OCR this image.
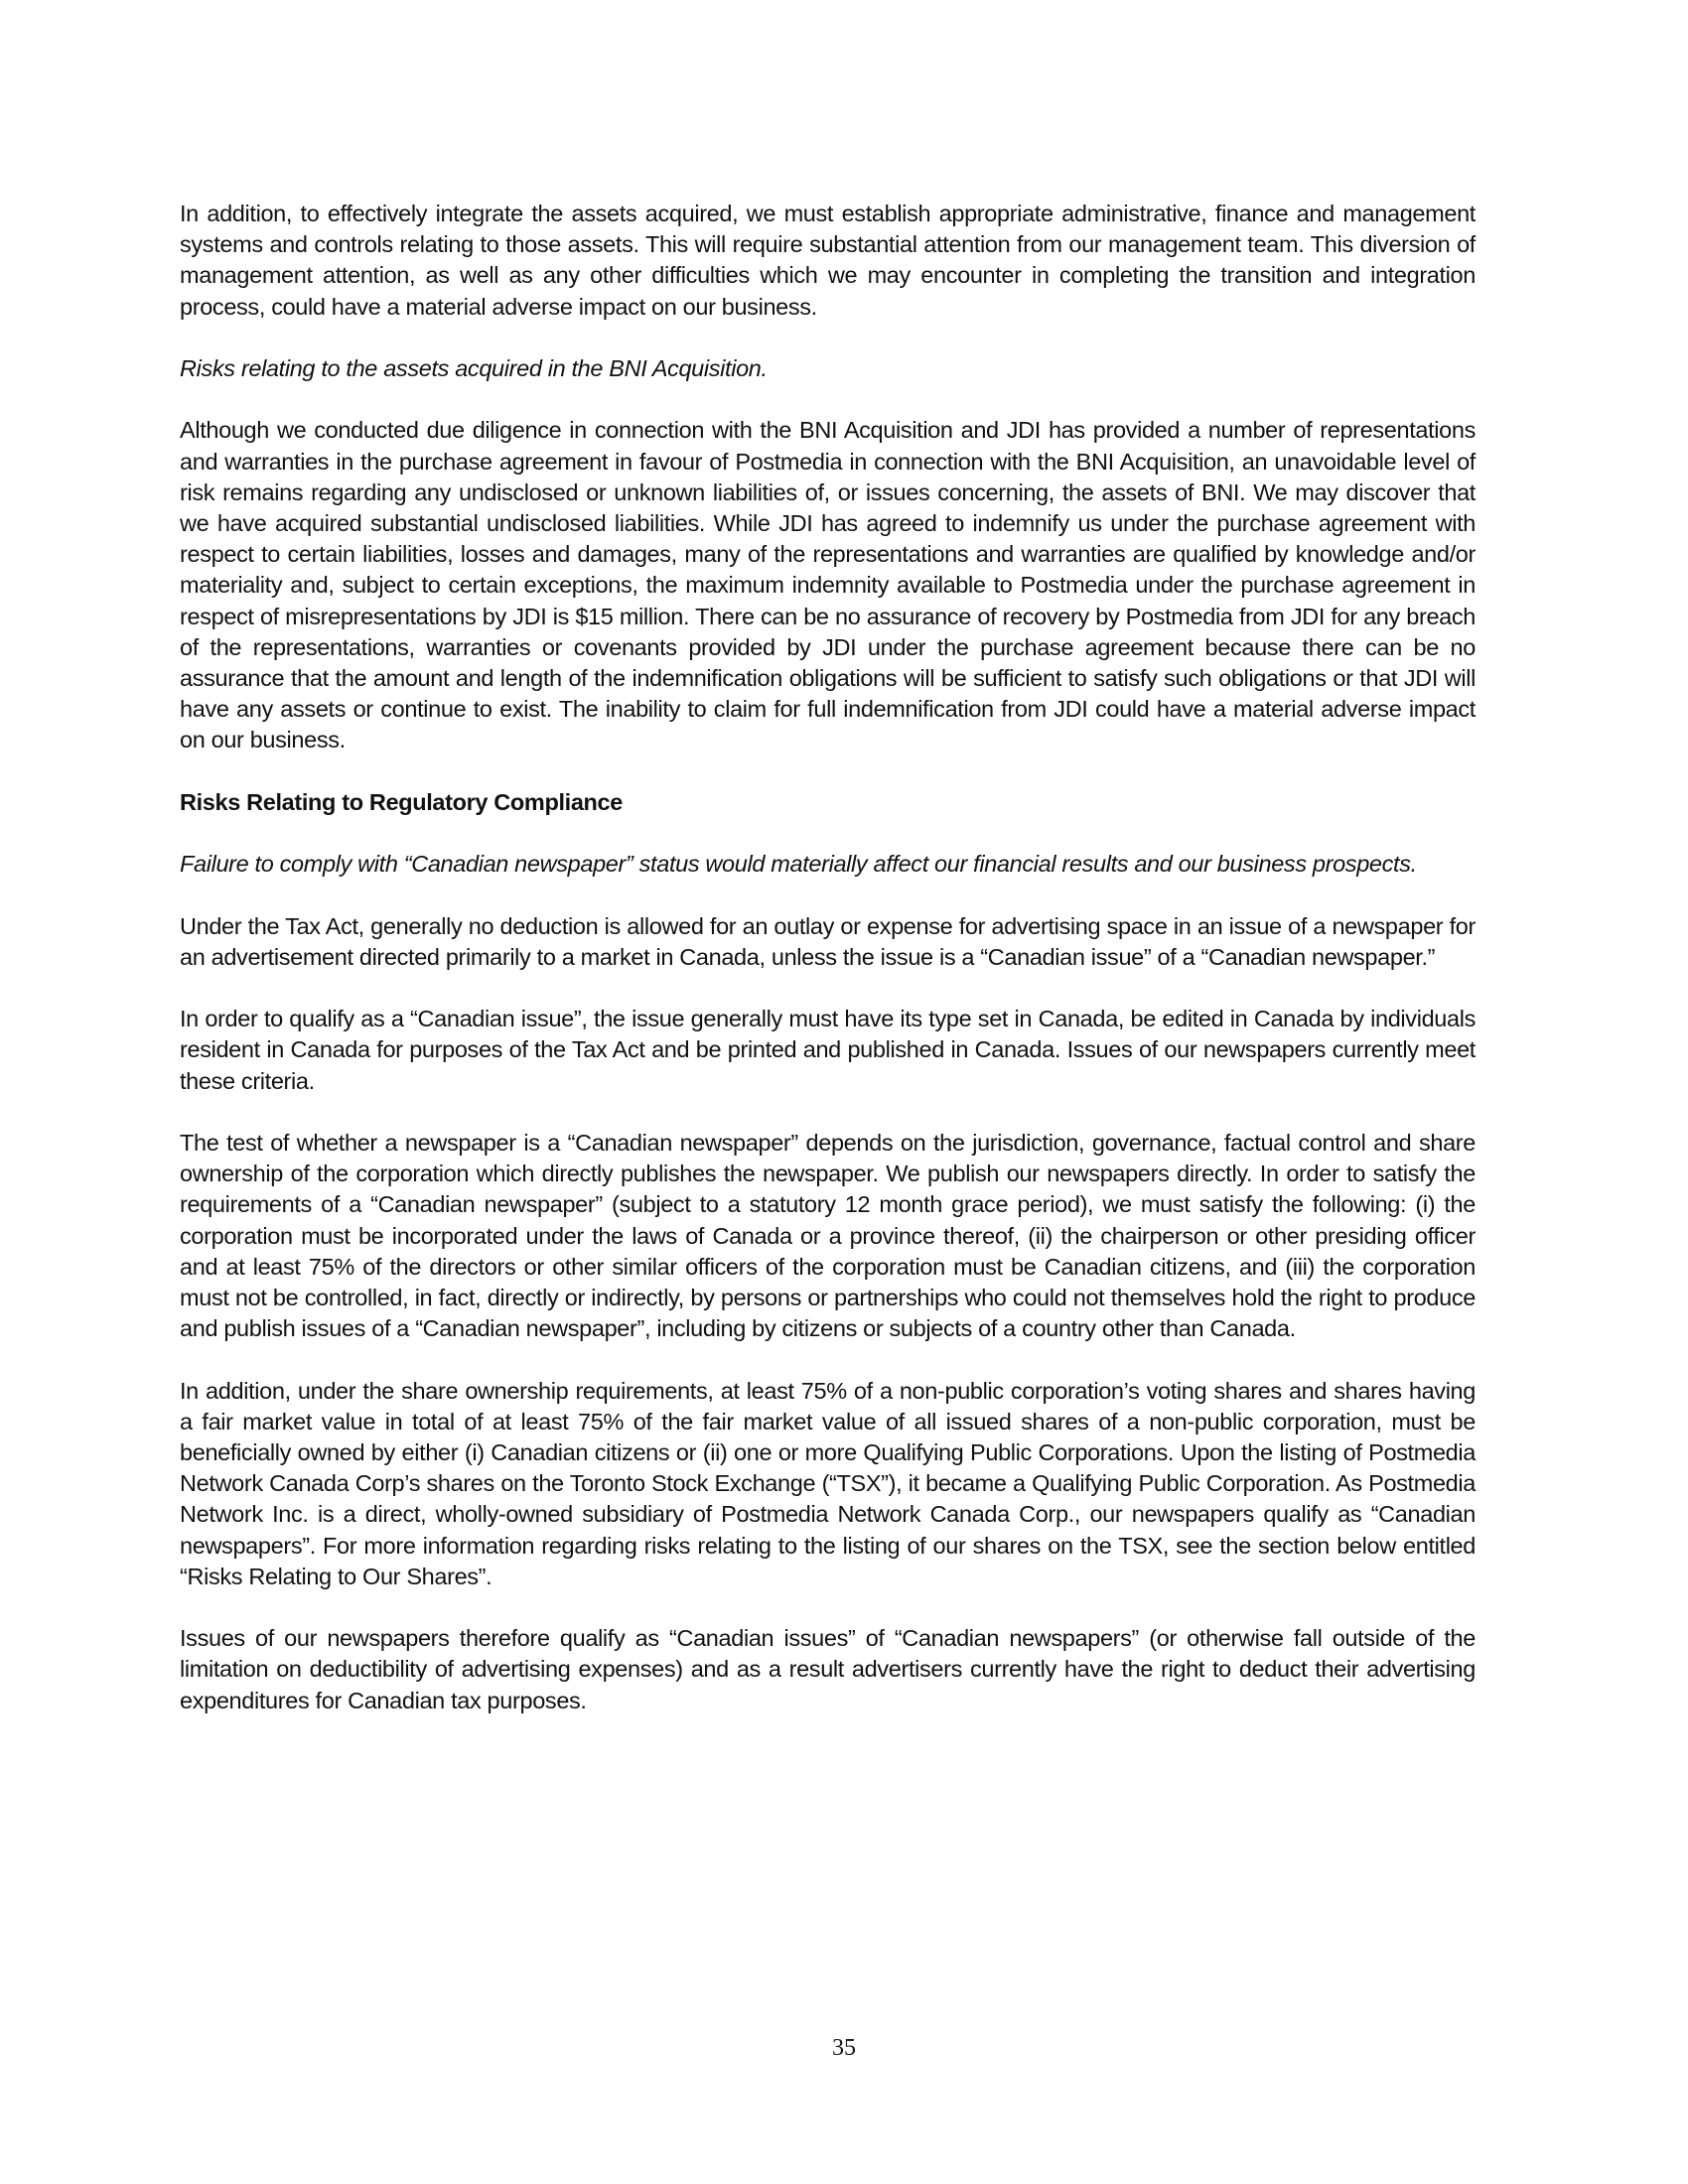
In addition, to effectively integrate the assets acquired, we must establish appropriate administrative, finance and management systems and controls relating to those assets. This will require substantial attention from our management team. This diversion of management attention, as well as any other difficulties which we may encounter in completing the transition and integration process, could have a material adverse impact on our business.

Risks relating to the assets acquired in the BNI Acquisition.

Although we conducted due diligence in connection with the BNI Acquisition and JDI has provided a number of representations and warranties in the purchase agreement in favour of Postmedia in connection with the BNI Acquisition, an unavoidable level of risk remains regarding any undisclosed or unknown liabilities of, or issues concerning, the assets of BNI. We may discover that we have acquired substantial undisclosed liabilities. While JDI has agreed to indemnify us under the purchase agreement with respect to certain liabilities, losses and damages, many of the representations and warranties are qualified by knowledge and/or materiality and, subject to certain exceptions, the maximum indemnity available to Postmedia under the purchase agreement in respect of misrepresentations by JDI is $15 million. There can be no assurance of recovery by Postmedia from JDI for any breach of the representations, warranties or covenants provided by JDI under the purchase agreement because there can be no assurance that the amount and length of the indemnification obligations will be sufficient to satisfy such obligations or that JDI will have any assets or continue to exist. The inability to claim for full indemnification from JDI could have a material adverse impact on our business.

Risks Relating to Regulatory Compliance

Failure to comply with “Canadian newspaper” status would materially affect our financial results and our business prospects.

Under the Tax Act, generally no deduction is allowed for an outlay or expense for advertising space in an issue of a newspaper for an advertisement directed primarily to a market in Canada, unless the issue is a “Canadian issue” of a “Canadian newspaper.”

In order to qualify as a “Canadian issue”, the issue generally must have its type set in Canada, be edited in Canada by individuals resident in Canada for purposes of the Tax Act and be printed and published in Canada. Issues of our newspapers currently meet these criteria.

The test of whether a newspaper is a “Canadian newspaper” depends on the jurisdiction, governance, factual control and share ownership of the corporation which directly publishes the newspaper. We publish our newspapers directly. In order to satisfy the requirements of a “Canadian newspaper” (subject to a statutory 12 month grace period), we must satisfy the following: (i) the corporation must be incorporated under the laws of Canada or a province thereof, (ii) the chairperson or other presiding officer and at least 75% of the directors or other similar officers of the corporation must be Canadian citizens, and (iii) the corporation must not be controlled, in fact, directly or indirectly, by persons or partnerships who could not themselves hold the right to produce and publish issues of a “Canadian newspaper”, including by citizens or subjects of a country other than Canada.

In addition, under the share ownership requirements, at least 75% of a non-public corporation’s voting shares and shares having a fair market value in total of at least 75% of the fair market value of all issued shares of a non-public corporation, must be beneficially owned by either (i) Canadian citizens or (ii) one or more Qualifying Public Corporations. Upon the listing of Postmedia Network Canada Corp’s shares on the Toronto Stock Exchange (“TSX”), it became a Qualifying Public Corporation. As Postmedia Network Inc. is a direct, wholly-owned subsidiary of Postmedia Network Canada Corp., our newspapers qualify as “Canadian newspapers”. For more information regarding risks relating to the listing of our shares on the TSX, see the section below entitled “Risks Relating to Our Shares”.

Issues of our newspapers therefore qualify as “Canadian issues” of “Canadian newspapers” (or otherwise fall outside of the limitation on deductibility of advertising expenses) and as a result advertisers currently have the right to deduct their advertising expenditures for Canadian tax purposes.

35
